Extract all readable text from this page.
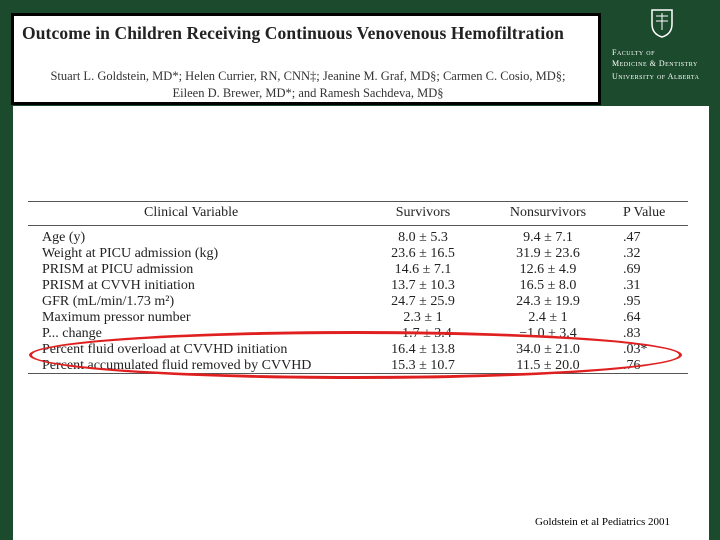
Faculty of
Medicine & Dentistry
University of Alberta
Outcome in Children Receiving Continuous Venovenous Hemofiltration
Stuart L. Goldstein, MD*; Helen Currier, RN, CNN‡; Jeanine M. Graf, MD§; Carmen C. Cosio, MD§;
Eileen D. Brewer, MD*; and Ramesh Sachdeva, MD§
Clinical Variable	Survivors	Nonsurvivors	P Value
Age (y)	8.0 ± 5.3	9.4 ± 7.1	.47
Weight at PICU admission (kg)	23.6 ± 16.5	31.9 ± 23.6	.32
PRISM at PICU admission	14.6 ± 7.1	12.6 ± 4.9	.69
PRISM at CVVH initiation	13.7 ± 10.3	16.5 ± 8.0	.31
GFR (mL/min/1.73 m²)	24.7 ± 25.9	24.3 ± 19.9	.95
Maximum pressor number	2.3 ± 1	2.4 ± 1	.64
P... change	−1.7 ± 3.4	−1.0 ± 3.4	.83
Percent fluid overload at CVVHD initiation	16.4 ± 13.8	34.0 ± 21.0	.03*
Percent accumulated fluid removed by CVVHD	15.3 ± 10.7	11.5 ± 20.0	.76
Goldstein et al Pediatrics 2001
